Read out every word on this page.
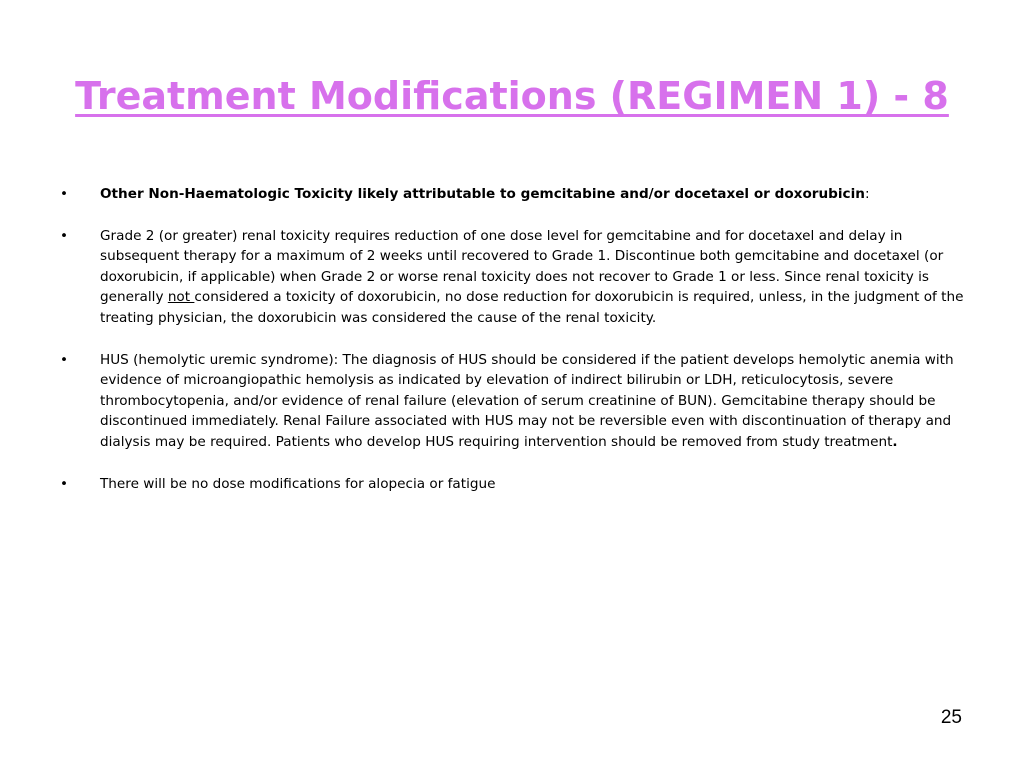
Treatment Modifications (REGIMEN 1) - 8
•	Other Non-Haematologic Toxicity likely attributable to gemcitabine and/or docetaxel or doxorubicin:
•	Grade 2 (or greater) renal toxicity requires reduction of one dose level for gemcitabine and for docetaxel and delay in subsequent therapy for a maximum of 2 weeks until recovered to Grade 1. Discontinue both gemcitabine and docetaxel (or doxorubicin, if applicable) when Grade 2 or worse renal toxicity does not recover to Grade 1 or less. Since renal toxicity is generally not considered a toxicity of doxorubicin, no dose reduction for doxorubicin is required, unless, in the judgment of the treating physician, the doxorubicin was considered the cause of the renal toxicity.
•	HUS (hemolytic uremic syndrome): The diagnosis of HUS should be considered if the patient develops hemolytic anemia with evidence of microangiopathic hemolysis as indicated by elevation of indirect bilirubin or LDH, reticulocytosis, severe thrombocytopenia, and/or evidence of renal failure (elevation of serum creatinine of BUN). Gemcitabine therapy should be discontinued immediately. Renal Failure associated with HUS may not be reversible even with discontinuation of therapy and dialysis may be required. Patients who develop HUS requiring intervention should be removed from study treatment.
•	There will be no dose modifications for alopecia or fatigue
25
